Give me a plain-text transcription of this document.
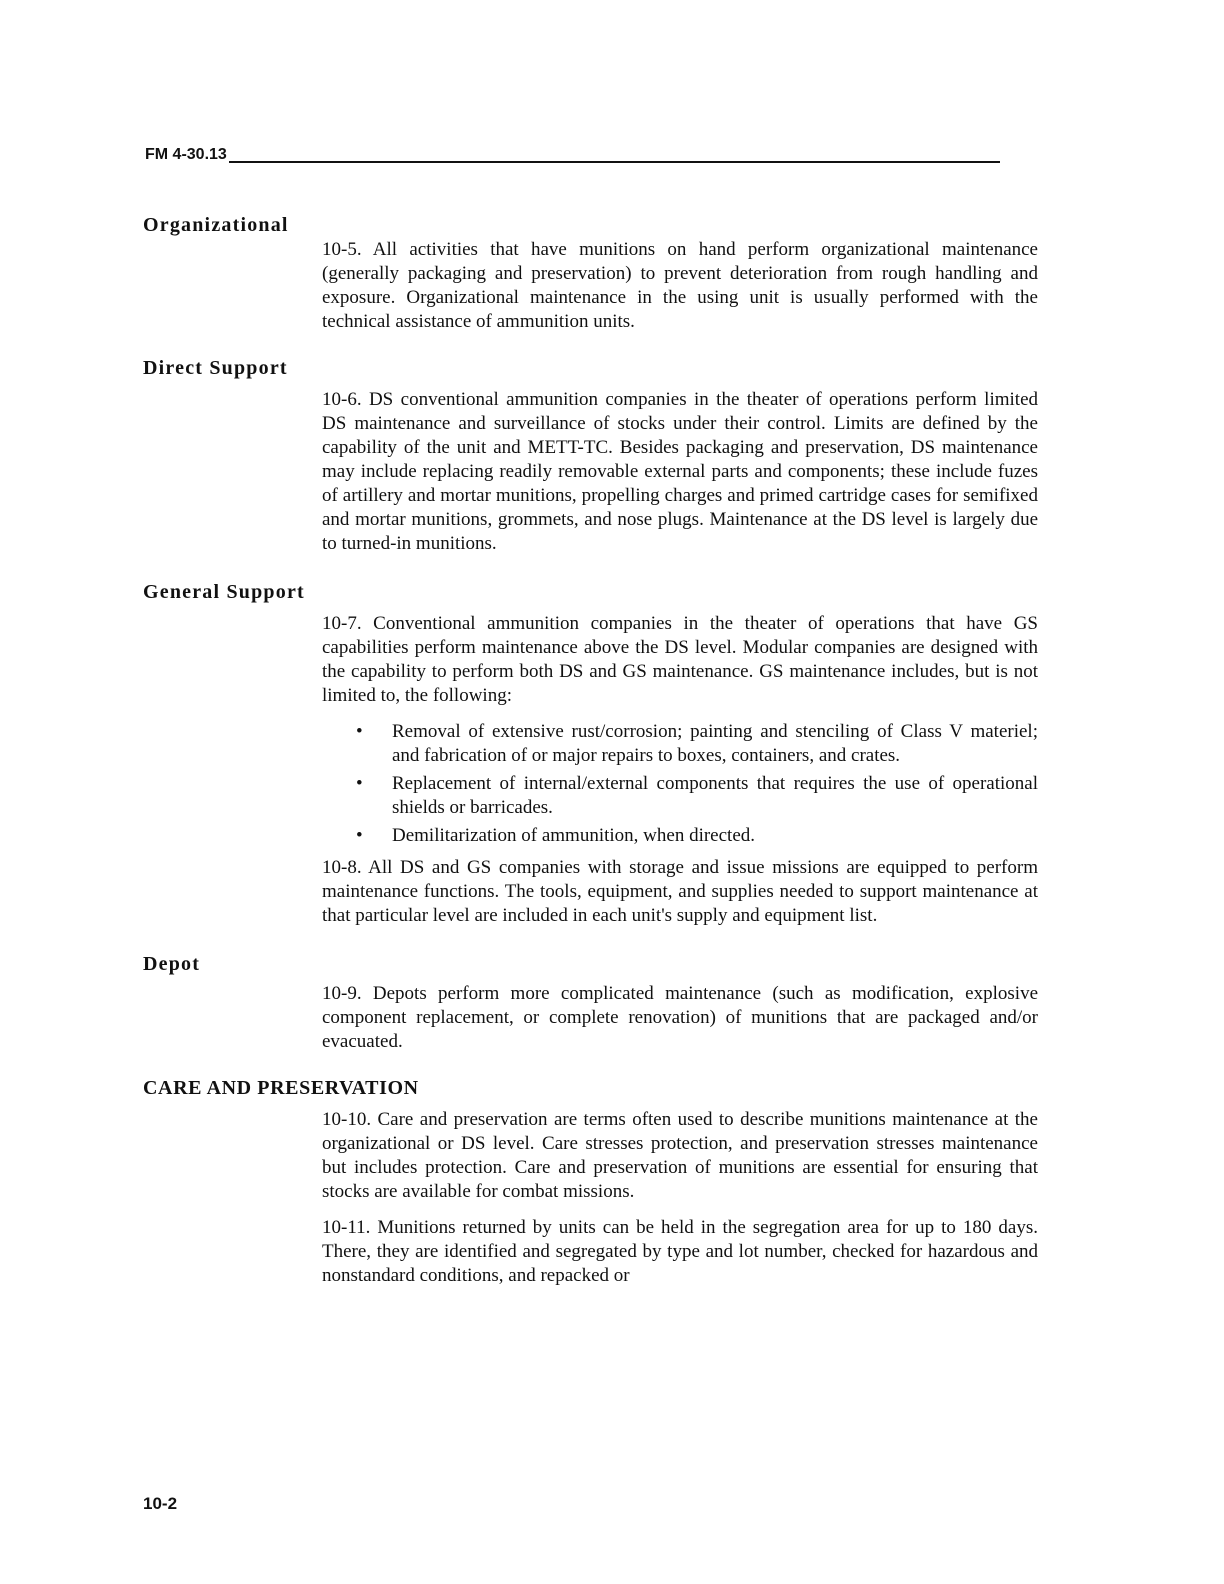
FM 4-30.13
Organizational

10-5. All activities that have munitions on hand perform organizational maintenance (generally packaging and preservation) to prevent deterioration from rough handling and exposure. Organizational maintenance in the using unit is usually performed with the technical assistance of ammunition units.

Direct Support

10-6. DS conventional ammunition companies in the theater of operations perform limited DS maintenance and surveillance of stocks under their control. Limits are defined by the capability of the unit and METT-TC. Besides packaging and preservation, DS maintenance may include replacing readily removable external parts and components; these include fuzes of artillery and mortar munitions, propelling charges and primed cartridge cases for semifixed and mortar munitions, grommets, and nose plugs. Maintenance at the DS level is largely due to turned-in munitions.

General Support

10-7. Conventional ammunition companies in the theater of operations that have GS capabilities perform maintenance above the DS level. Modular companies are designed with the capability to perform both DS and GS maintenance. GS maintenance includes, but is not limited to, the following:

• Removal of extensive rust/corrosion; painting and stenciling of Class V materiel; and fabrication of or major repairs to boxes, containers, and crates.
• Replacement of internal/external components that requires the use of operational shields or barricades.
• Demilitarization of ammunition, when directed.

10-8. All DS and GS companies with storage and issue missions are equipped to perform maintenance functions. The tools, equipment, and supplies needed to support maintenance at that particular level are included in each unit's supply and equipment list.

Depot

10-9. Depots perform more complicated maintenance (such as modification, explosive component replacement, or complete renovation) of munitions that are packaged and/or evacuated.

CARE AND PRESERVATION

10-10. Care and preservation are terms often used to describe munitions maintenance at the organizational or DS level. Care stresses protection, and preservation stresses maintenance but includes protection. Care and preservation of munitions are essential for ensuring that stocks are available for combat missions.

10-11. Munitions returned by units can be held in the segregation area for up to 180 days. There, they are identified and segregated by type and lot number, checked for hazardous and nonstandard conditions, and repacked or

10-2
